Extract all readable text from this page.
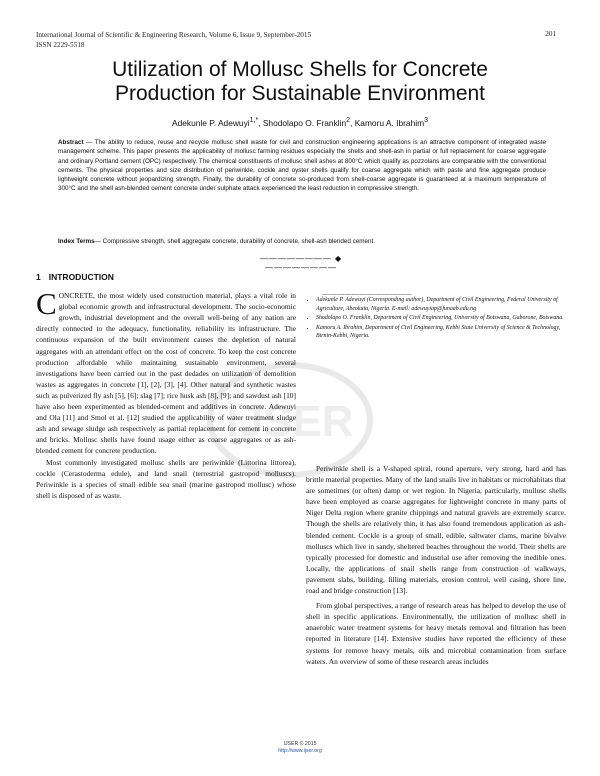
International Journal of Scientific & Engineering Research, Volume 6, Issue 9, September-2015
ISSN 2229-5518
201
IJSER
Utilization of Mollusc Shells for Concrete
Production for Sustainable Environment
Adekunle P. Adewuyi$^{1,*}$, Shodolapo O. Franklin$^2$, Kamoru A. Ibrahim$^3$
Abstract — The ability to reduce, reuse and recycle mollusc shell waste for civil and construction engineering applications is an attractive component of integrated waste management scheme. This paper presents the applicability of mollusc farming residues especially the shells and shell-ash in partial or full replacement for coarse aggregate and ordinary Portland cement (OPC) respectively. The chemical constituents of mollusc shell ashes at 800°C which qualify as pozzolans are comparable with the conventional cements. The physical properties and size distribution of periwinkle, cockle and oyster shells qualify for coarse aggregate which with paste and fine aggregate produce lightweight concrete without jeopardizing strength. Finally, the durability of concrete so-produced from shell-coarse aggregate is guaranteed at a maximum temperature of 300°C and the shell ash-blended cement concrete under sulphate attack experienced the least reduction in compressive strength.
Index Terms— Compressive strength, shell aggregate concrete, durability of concrete, shell-ash blended cement.
———————— ◆ ————————
1 INTRODUCTION

CONCRETE, the most widely used construction material, plays a vital role in global economic growth and infrastructural development. The socio-economic growth, industrial development and the overall well-being of any nation are directly connected to the adequacy, functionality, reliability its infrastructure. The continuous expansion of the built environment causes the depletion of natural aggregates with an attendant effect on the cost of concrete. To keep the cost concrete production affordable while maintaining sustainable environment, several investigations have been carried out in the past dedades on utilization of demolition wastes as aggregates in concrete [1], [2], [3], [4]. Other natural and synthetic wastes such as pulverized fly ash [5], [6]; slag [7]; rice husk ash [8], [9]; and sawdust ash [10] have also been experimented as blended-cement and additives in concrete. Adewuyi and Ola [11] and Smol et al. [12] studied the applicability of water treatment sludge ash and sewage sludge ash respectively as partial replacement for cement in concrete and bricks. Mollusc shells have found usage either as coarse aggregates or as ash-blended cement for concrete production.

Most commonly investigated mollusc shells are periwinkle (Littorina littorea), cockle (Cerastoderma edule), and land snail (terrestrial gastropod molluscs). Periwinkle is a species of small edible sea snail (marine gastropod mollusc) whose shell is disposed of as waste.

————————————
• Adekunle P. Adewuyi (Corresponding author), Department of Civil Engineering, Federal University of Agriculture, Abeokuta, Nigeria. E-mail: adewuyiap@funaab.edu.ng
• Shodolapo O. Franklin, Department of Civil Engineering, University of Botswana, Gaborone, Botswana.
• Kamoru A. Ibrahim, Department of Civil Engineering, Kebbi State University of Science & Technology, Birnin-Kebbi, Nigeria.

Periwinkle shell is a V-shaped spiral, round aperture, very strong, hard and has brittle material properties. Many of the land snails live in habitats or microhabitats that are sometimes (or often) damp or wet region. In Nigeria, particularly, mullusc shells have been employed as coarse aggregates for lightweight concrete in many parts of Niger Delta region where granite chippings and natural gravels are extremely scarce. Though the shells are relatively thin, it has also found tremendous application as ash-blended cement. Cockle is a group of small, edible, saltwater clams, marine bivalve molluscs which live in sandy, sheltered beaches throughout the world. Their shells are typically processed for domestic and industrial use after removing the inedible ones. Locally, the applications of snail shells range from construction of walkways, pavement slabs, building, filling materials, erosion control, well casing, shore line, road and bridge construction [13].

From global perspectives, a range of research areas has helped to develop the use of shell in specific applications. Environmentally, the utilization of mollusc shell in anaerobic water treatment systems for heavy metals removal and filtration has been reported in literature [14]. Extensive studies have reported the efficiency of these systems for remove heavy metals, oils and microbial contamination from surface waters. An overview of some of these research areas includes

IJSER © 2015
http://www.ijser.org
